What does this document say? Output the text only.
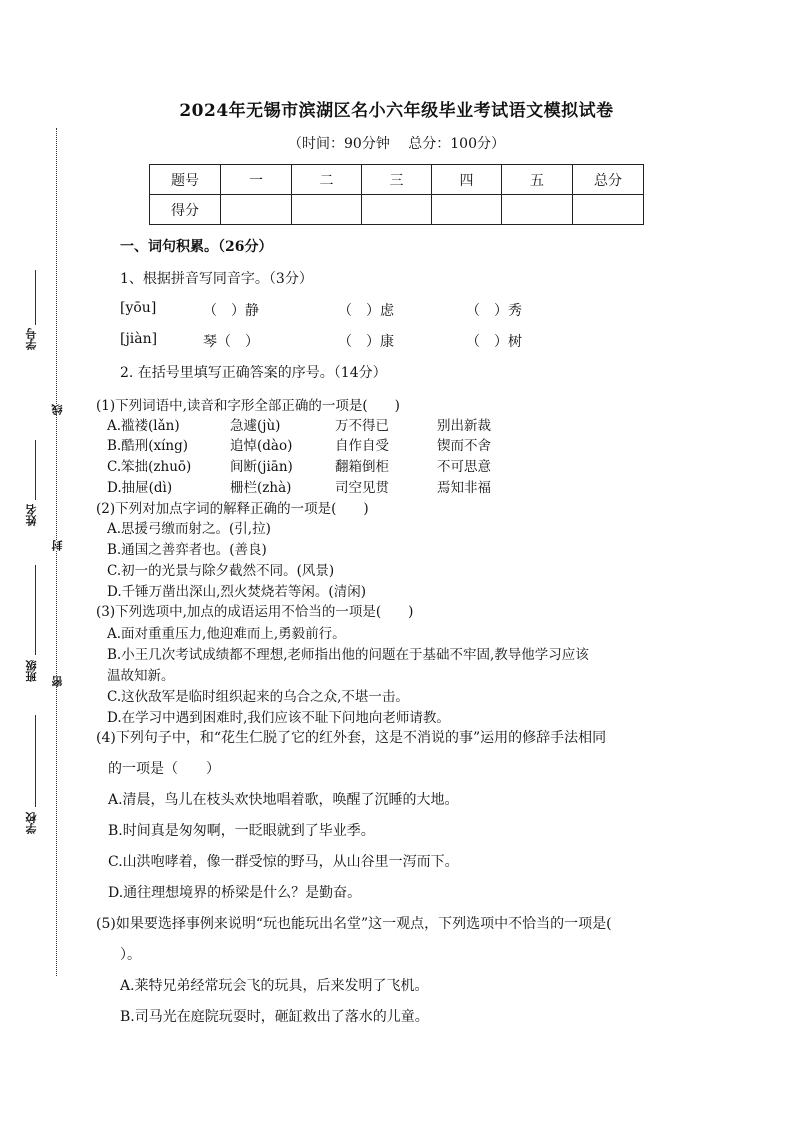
学号
线
姓名
封
班级 密
学校
2024年无锡市滨湖区名小六年级毕业考试语文模拟试卷
（时间：90分钟　 总分：100分）
题号	一	二	三	四	五	总分
得分						
一、词句积累。（26分）
1、根据拼音写同音字。（3分）
[yōu]	（　）静	（　）虑	（　）秀
[jiàn]	琴（　）	（　）康	（　）树
2. 在括号里填写正确答案的序号。（14分）
(1)下列词语中,读音和字形全部正确的一项是(　　)
A.褴褛(lǎn)	急遽(jù)	万不得已	别出新裁
B.酷刑(xíng)	追悼(dào)	自作自受	锲而不舍
C.笨拙(zhuō)	间断(jiān)	翻箱倒柜	不可思意
D.抽屉(dì)	栅栏(zhà)	司空见贯	焉知非福
(2)下列对加点字词的解释正确的一项是(　　)
A.思援弓缴而射之。(引,拉)
B.通国之善弈者也。(善良)
C.初一的光景与除夕截然不同。(风景)
D.千锤万凿出深山,烈火焚烧若等闲。(清闲)
(3)下列选项中,加点的成语运用不恰当的一项是(　　)
A.面对重重压力,他迎难而上,勇毅前行。
B.小王几次考试成绩都不理想,老师指出他的问题在于基础不牢固,教导他学习应该
温故知新。
C.这伙敌军是临时组织起来的乌合之众,不堪一击。
D.在学习中遇到困难时,我们应该不耻下问地向老师请教。
(4)下列句子中，和“花生仁脱了它的红外套，这是不消说的事”运用的修辞手法相同
的一项是（　　）
A.清晨，鸟儿在枝头欢快地唱着歌，唤醒了沉睡的大地。
B.时间真是匆匆啊，一眨眼就到了毕业季。
C.山洪咆哮着，像一群受惊的野马，从山谷里一泻而下。
D.通往理想境界的桥梁是什么？是勤奋。
(5)如果要选择事例来说明“玩也能玩出名堂”这一观点，下列选项中不恰当的一项是(
）。
A.莱特兄弟经常玩会飞的玩具，后来发明了飞机。
B.司马光在庭院玩耍时，砸缸救出了落水的儿童。
